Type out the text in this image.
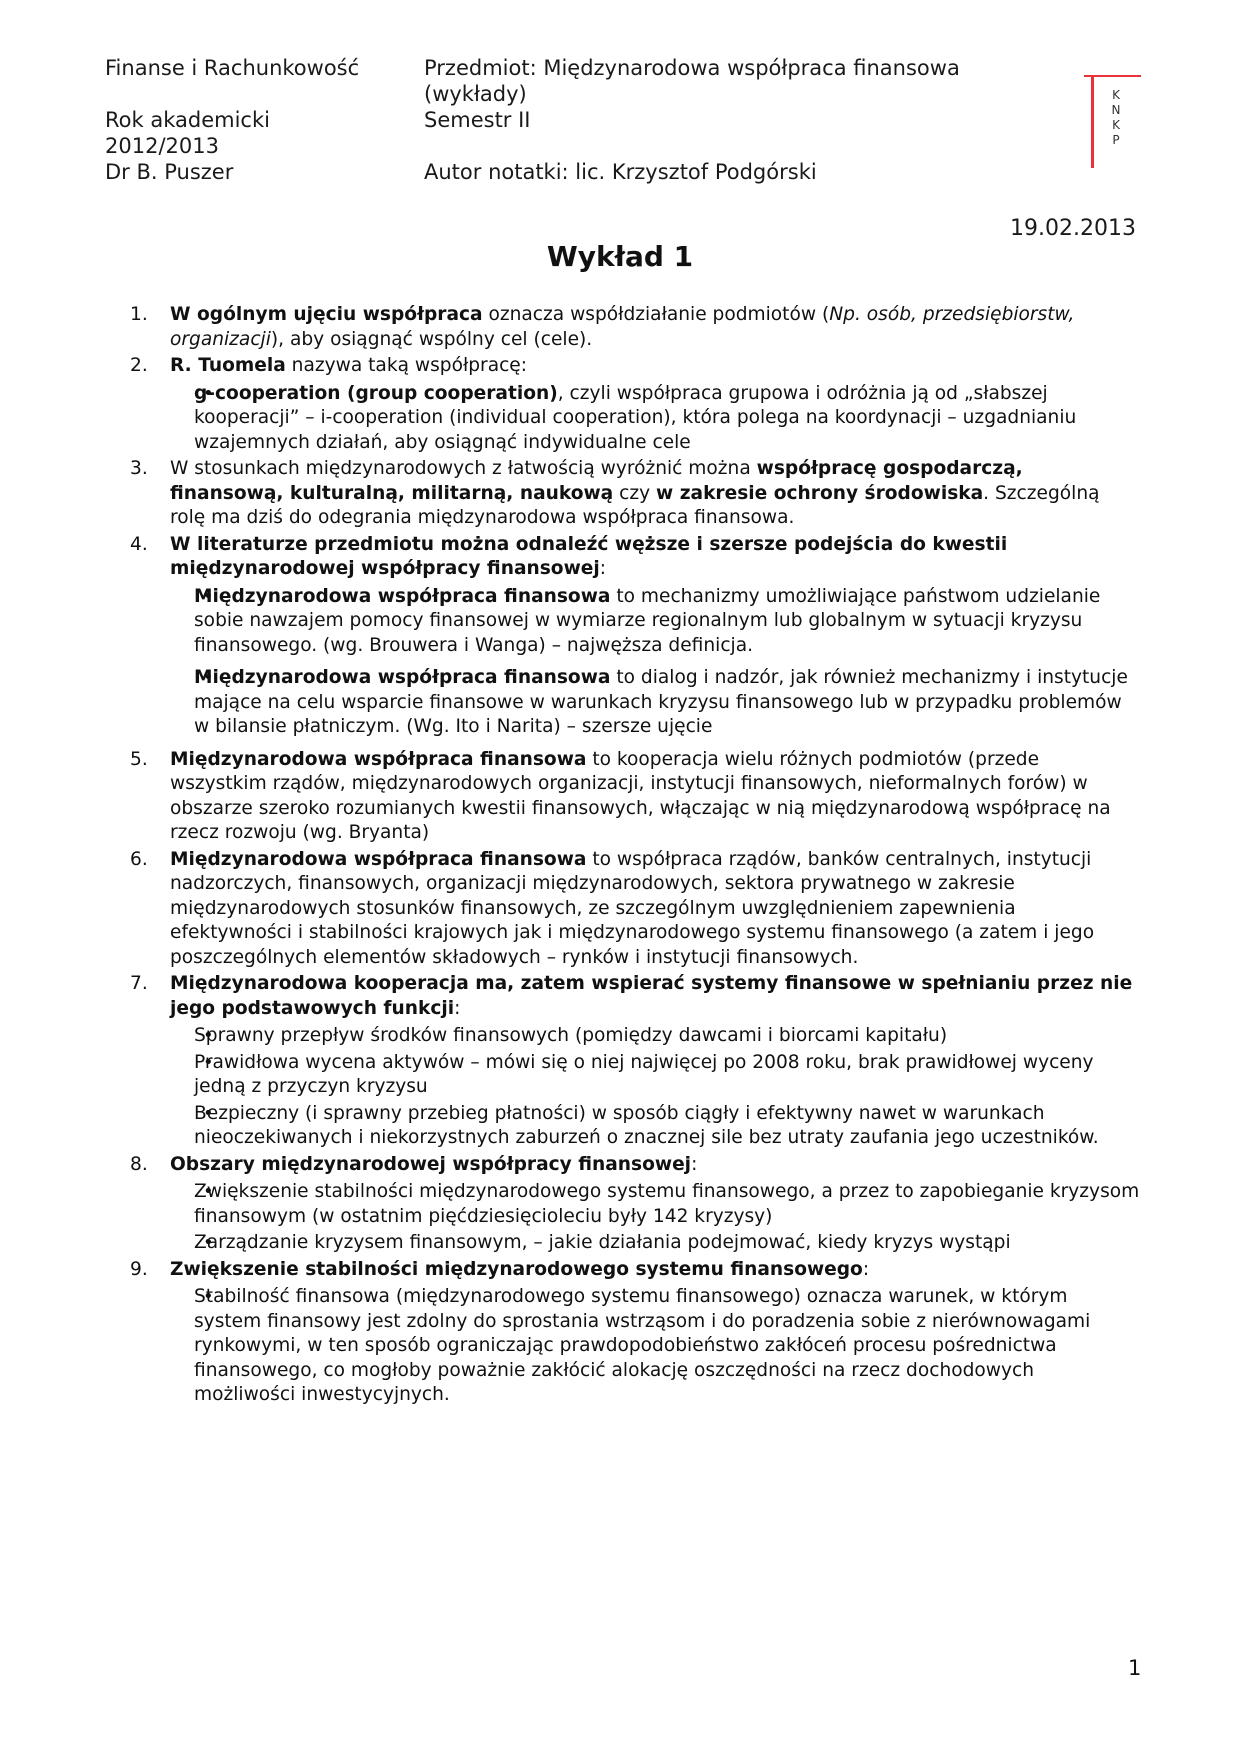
Finanse i Rachunkowość
Rok akademicki
2012/2013
Dr B. Puszer
Przedmiot: Międzynarodowa współpraca finansowa
(wykłady)
Semestr II
Autor notatki: lic. Krzysztof Podgórski
K
N
K
P
19.02.2013
Wykład 1
1. W ogólnym ujęciu współpraca oznacza współdziałanie podmiotów (Np. osób, przedsiębiorstw, organizacji), aby osiągnąć wspólny cel (cele).
2. R. Tuomela nazywa taką współpracę:
• g-cooperation (group cooperation), czyli współpraca grupowa i odróżnia ją od „słabszej kooperacji” – i-cooperation (individual cooperation), która polega na koordynacji – uzgadnianiu wzajemnych działań, aby osiągnąć indywidualne cele
3. W stosunkach międzynarodowych z łatwością wyróżnić można współpracę gospodarczą, finansową, kulturalną, militarną, naukową czy w zakresie ochrony środowiska. Szczególną rolę ma dziś do odegrania międzynarodowa współpraca finansowa.
4. W literaturze przedmiotu można odnaleźć węższe i szersze podejścia do kwestii międzynarodowej współpracy finansowej:
• Międzynarodowa współpraca finansowa to mechanizmy umożliwiające państwom udzielanie sobie nawzajem pomocy finansowej w wymiarze regionalnym lub globalnym w sytuacji kryzysu finansowego. (wg. Brouwera i Wanga) – najwęższa definicja.
• Międzynarodowa współpraca finansowa to dialog i nadzór, jak również mechanizmy i instytucje mające na celu wsparcie finansowe w warunkach kryzysu finansowego lub w przypadku problemów w bilansie płatniczym. (Wg. Ito i Narita) – szersze ujęcie
5. Międzynarodowa współpraca finansowa to kooperacja wielu różnych podmiotów (przede wszystkim rządów, międzynarodowych organizacji, instytucji finansowych, nieformalnych forów) w obszarze szeroko rozumianych kwestii finansowych, włączając w nią międzynarodową współpracę na rzecz rozwoju (wg. Bryanta)
6. Międzynarodowa współpraca finansowa to współpraca rządów, banków centralnych, instytucji nadzorczych, finansowych, organizacji międzynarodowych, sektora prywatnego w zakresie międzynarodowych stosunków finansowych, ze szczególnym uwzględnieniem zapewnienia efektywności i stabilności krajowych jak i międzynarodowego systemu finansowego (a zatem i jego poszczególnych elementów składowych – rynków i instytucji finansowych.
7. Międzynarodowa kooperacja ma, zatem wspierać systemy finansowe w spełnianiu przez nie jego podstawowych funkcji:
• Sprawny przepływ środków finansowych (pomiędzy dawcami i biorcami kapitału)
• Prawidłowa wycena aktywów – mówi się o niej najwięcej po 2008 roku, brak prawidłowej wyceny jedną z przyczyn kryzysu
• Bezpieczny (i sprawny przebieg płatności) w sposób ciągły i efektywny nawet w warunkach nieoczekiwanych i niekorzystnych zaburzeń o znacznej sile bez utraty zaufania jego uczestników.
8. Obszary międzynarodowej współpracy finansowej:
• Zwiększenie stabilności międzynarodowego systemu finansowego, a przez to zapobieganie kryzysom finansowym (w ostatnim pięćdziesięcioleciu były 142 kryzysy)
• Zarządzanie kryzysem finansowym, – jakie działania podejmować, kiedy kryzys wystąpi
9. Zwiększenie stabilności międzynarodowego systemu finansowego:
• Stabilność finansowa (międzynarodowego systemu finansowego) oznacza warunek, w którym system finansowy jest zdolny do sprostania wstrząsom i do poradzenia sobie z nierównowagami rynkowymi, w ten sposób ograniczając prawdopodobieństwo zakłóceń procesu pośrednictwa finansowego, co mogłoby poważnie zakłócić alokację oszczędności na rzecz dochodowych możliwości inwestycyjnych.
1
